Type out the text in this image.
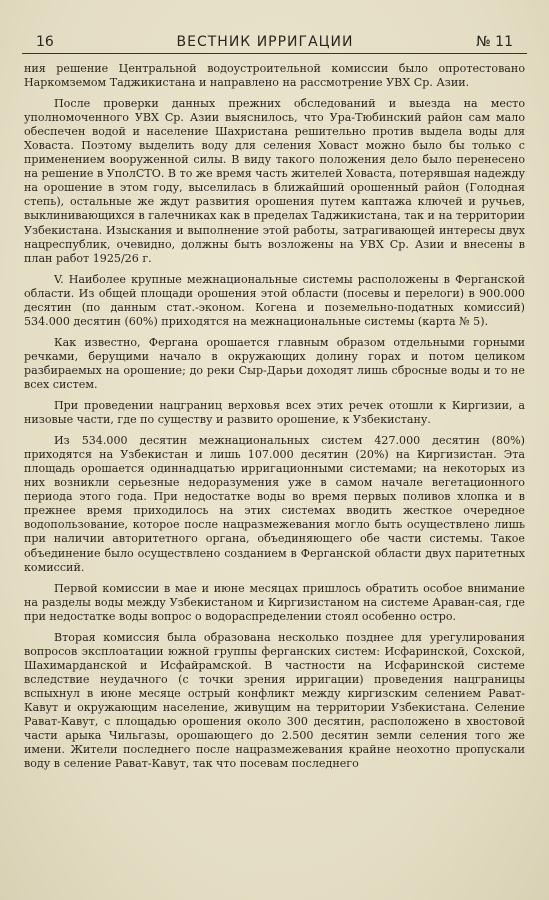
16	ВЕСТНИК ИРРИГАЦИИ	№ 11

ния решение Центральной водоустроительной комиссии было опротестовано Наркомземом Таджикистана и направлено на рассмотрение УВХ Ср. Азии.

После проверки данных прежних обследований и выезда на место уполномоченного УВХ Ср. Азии выяснилось, что Ура-Тюбинский район сам мало обеспечен водой и население Шахристана решительно против выдела воды для Ховаста. Поэтому выделить воду для селения Ховаст можно было бы только с применением вооруженной силы. В виду такого положения дело было перенесено на решение в УполСТО. В то же время часть жителей Ховаста, потерявшая надежду на орошение в этом году, выселилась в ближайший орошенный район (Голодная степь), остальные же ждут развития орошения путем каптажа ключей и ручьев, выклинивающихся в галечниках как в пределах Таджикистана, так и на территории Узбекистана. Изыскания и выполнение этой работы, затрагивающей интересы двух нацреспублик, очевидно, должны быть возложены на УВХ Ср. Азии и внесены в план работ 1925/26 г.

V. Наиболее крупные межнациональные системы расположены в Ферганской области. Из общей площади орошения этой области (посевы и перелоги) в 900.000 десятин (по данным стат.-эконом. Когена и поземельно-податных комиссий) 534.000 десятин (60%) приходятся на межнациональные системы (карта № 5).

Как известно, Фергана орошается главным образом отдельными горными речками, берущими начало в окружающих долину горах и потом целиком разбираемых на орошение; до реки Сыр-Дарьи доходят лишь сбросные воды и то не всех систем.

При проведении нацграниц верховья всех этих речек отошли к Киргизии, а низовые части, где по существу и развито орошение, к Узбекистану.

Из 534.000 десятин межнациональных систем 427.000 десятин (80%) приходятся на Узбекистан и лишь 107.000 десятин (20%) на Киргизистан. Эта площадь орошается одиннадцатью ирригационными системами; на некоторых из них возникли серьезные недоразумения уже в самом начале вегетационного периода этого года. При недостатке воды во время первых поливов хлопка и в прежнее время приходилось на этих системах вводить жесткое очередное водопользование, которое после нацразмежевания могло быть осуществлено лишь при наличии авторитетного органа, объединяющего обе части системы. Такое объединение было осуществлено созданием в Ферганской области двух паритетных комиссий.

Первой комиссии в мае и июне месяцах пришлось обратить особое внимание на разделы воды между Узбекистаном и Киргизистаном на системе Араван-сая, где при недостатке воды вопрос о водораспределении стоял особенно остро.

Вторая комиссия была образована несколько позднее для урегулирования вопросов эксплоатации южной группы ферганских систем: Исфаринской, Сохской, Шахимарданской и Исфайрамской. В частности на Исфаринской системе вследствие неудачного (с точки зрения ирригации) проведения нацграницы вспыхнул в июне месяце острый конфликт между киргизским селением Рават-Кавут и окружающим население, живущим на территории Узбекистана. Селение Рават-Кавут, с площадью орошения около 300 десятин, расположено в хвостовой части арыка Чильгазы, орошающего до 2.500 десятин земли селения того же имени. Жители последнего после нацразмежевания крайне неохотно пропускали воду в селение Рават-Кавут, так что посевам последнего
